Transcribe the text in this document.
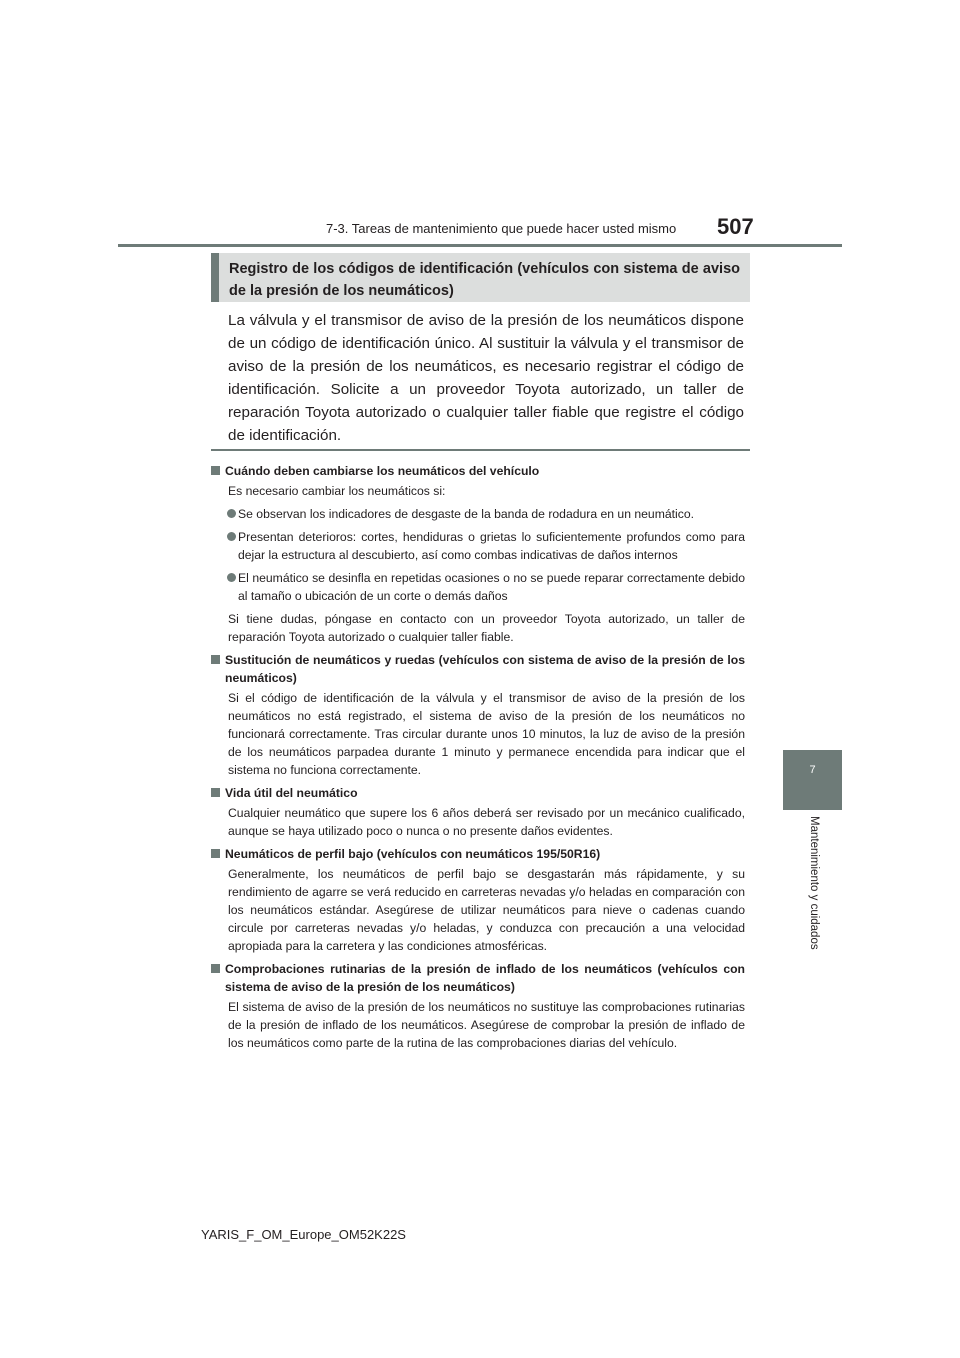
7-3. Tareas de mantenimiento que puede hacer usted mismo 507
7
Mantenimiento y cuidados
Registro de los códigos de identificación (vehículos con sistema de aviso de la presión de los neumáticos)
La válvula y el transmisor de aviso de la presión de los neumáticos dispone de un código de identificación único. Al sustituir la válvula y el transmisor de aviso de la presión de los neumáticos, es necesario registrar el código de identificación. Solicite a un proveedor Toyota autorizado, un taller de reparación Toyota autorizado o cualquier taller fiable que registre el código de identificación.
Cuándo deben cambiarse los neumáticos del vehículo
Es necesario cambiar los neumáticos si:
Se observan los indicadores de desgaste de la banda de rodadura en un neumático.
Presentan deterioros: cortes, hendiduras o grietas lo suficientemente profundos como para dejar la estructura al descubierto, así como combas indicativas de daños internos
El neumático se desinfla en repetidas ocasiones o no se puede reparar correctamente debido al tamaño o ubicación de un corte o demás daños
Si tiene dudas, póngase en contacto con un proveedor Toyota autorizado, un taller de reparación Toyota autorizado o cualquier taller fiable.
Sustitución de neumáticos y ruedas (vehículos con sistema de aviso de la presión de los neumáticos)
Si el código de identificación de la válvula y el transmisor de aviso de la presión de los neumáticos no está registrado, el sistema de aviso de la presión de los neumáticos no funcionará correctamente. Tras circular durante unos 10 minutos, la luz de aviso de la presión de los neumáticos parpadea durante 1 minuto y permanece encendida para indicar que el sistema no funciona correctamente.
Vida útil del neumático
Cualquier neumático que supere los 6 años deberá ser revisado por un mecánico cualificado, aunque se haya utilizado poco o nunca o no presente daños evidentes.
Neumáticos de perfil bajo (vehículos con neumáticos 195/50R16)
Generalmente, los neumáticos de perfil bajo se desgastarán más rápidamente, y su rendimiento de agarre se verá reducido en carreteras nevadas y/o heladas en comparación con los neumáticos estándar. Asegúrese de utilizar neumáticos para nieve o cadenas cuando circule por carreteras nevadas y/o heladas, y conduzca con precaución a una velocidad apropiada para la carretera y las condiciones atmosféricas.
Comprobaciones rutinarias de la presión de inflado de los neumáticos (vehículos con sistema de aviso de la presión de los neumáticos)
El sistema de aviso de la presión de los neumáticos no sustituye las comprobaciones rutinarias de la presión de inflado de los neumáticos. Asegúrese de comprobar la presión de inflado de los neumáticos como parte de la rutina de las comprobaciones diarias del vehículo.
YARIS_F_OM_Europe_OM52K22S
